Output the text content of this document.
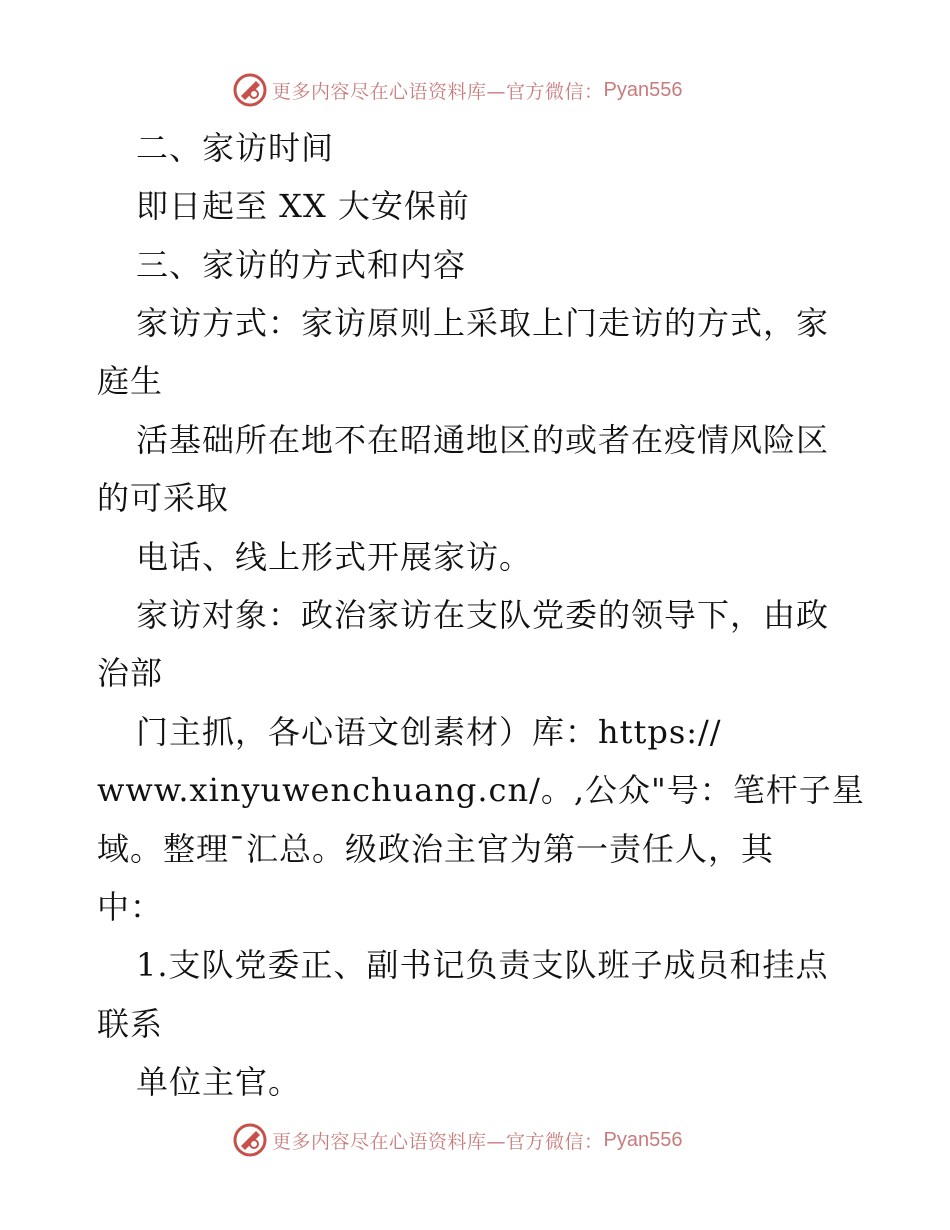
更多内容尽在心语资料库—官方微信： Pyan556
二、家访时间
即日起至 XX 大安保前
三、家访的方式和内容
家访方式：家访原则上采取上门走访的方式，家
庭生
活基础所在地不在昭通地区的或者在疫情风险区
的可采取
电话、线上形式开展家访。
家访对象：政治家访在支队党委的领导下，由政
治部
门主抓，各心语文创素材）库：https://
www.xinyuwenchuang.cn/。,公众"号：笔杆子星
域。整理¯汇总。级政治主官为第一责任人，其
中：
1.支队党委正、副书记负责支队班子成员和挂点
联系
单位主官。
更多内容尽在心语资料库—官方微信： Pyan556
